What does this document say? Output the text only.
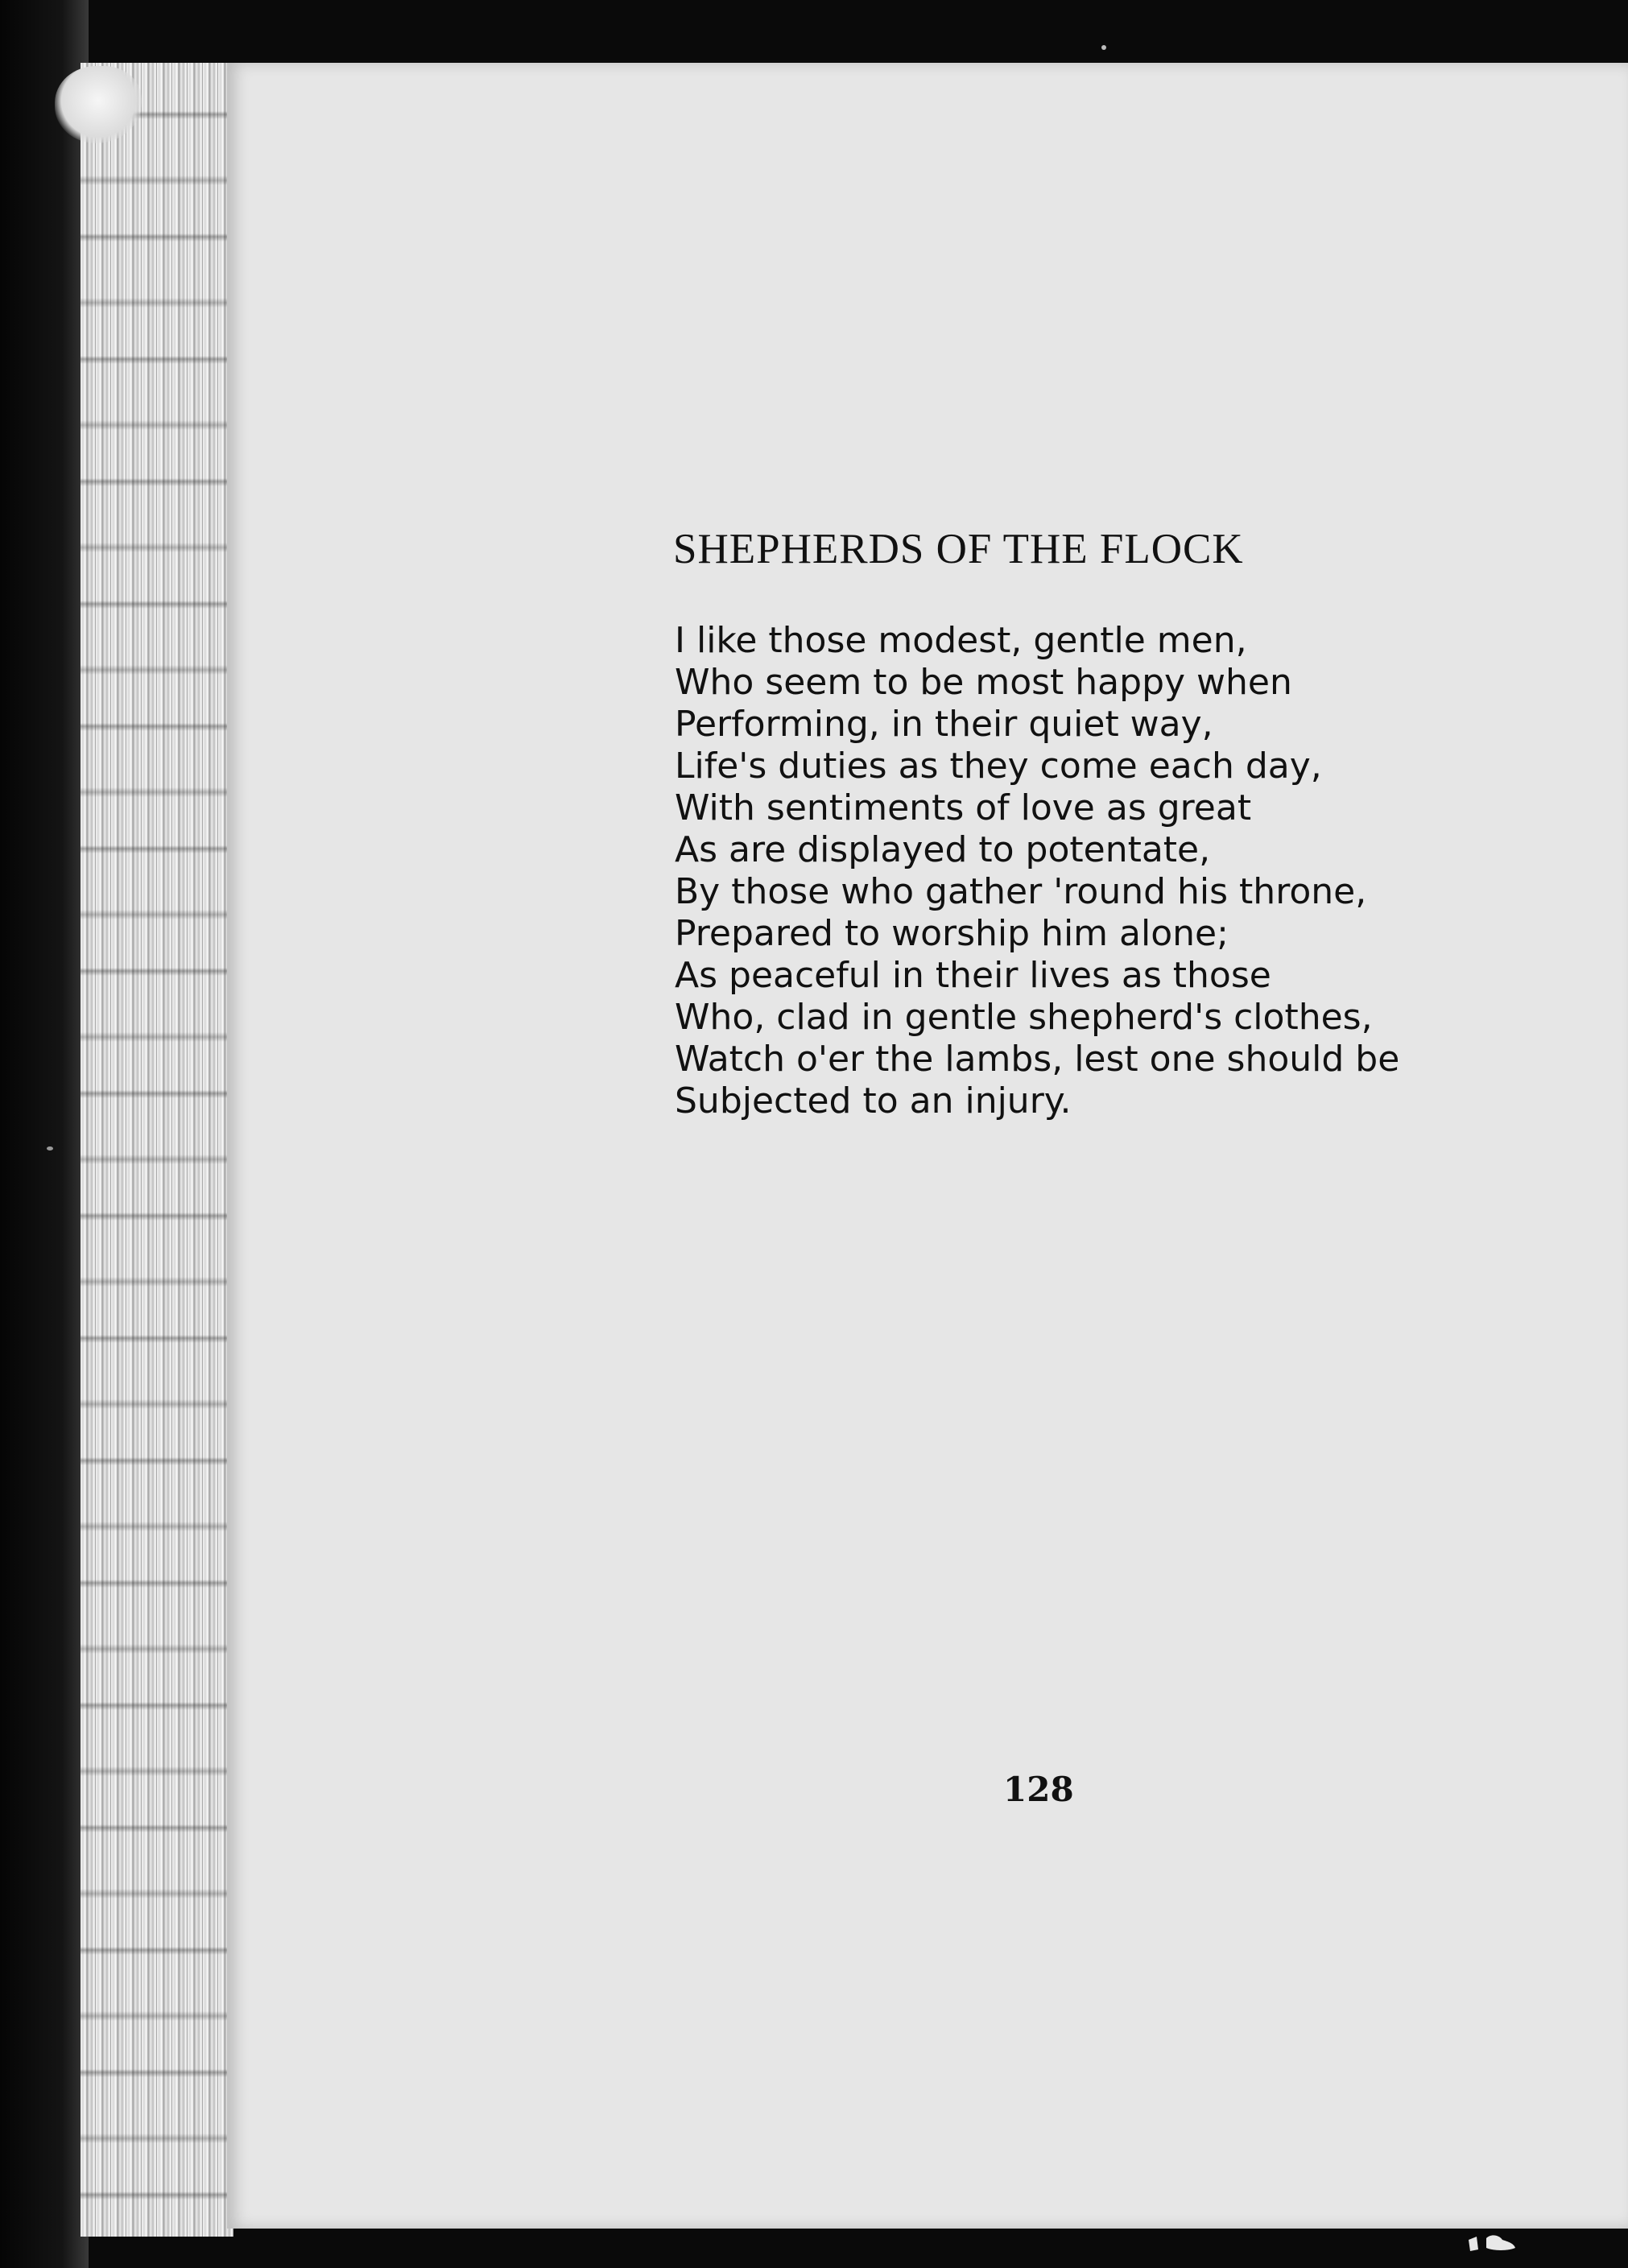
SHEPHERDS OF THE FLOCK
I like those modest, gentle men,
Who seem to be most happy when
Performing, in their quiet way,
Life's duties as they come each day,
With sentiments of love as great
As are displayed to potentate,
By those who gather 'round his throne,
Prepared to worship him alone;
As peaceful in their lives as those
Who, clad in gentle shepherd's clothes,
Watch o'er the lambs, lest one should be
Subjected to an injury.
128
